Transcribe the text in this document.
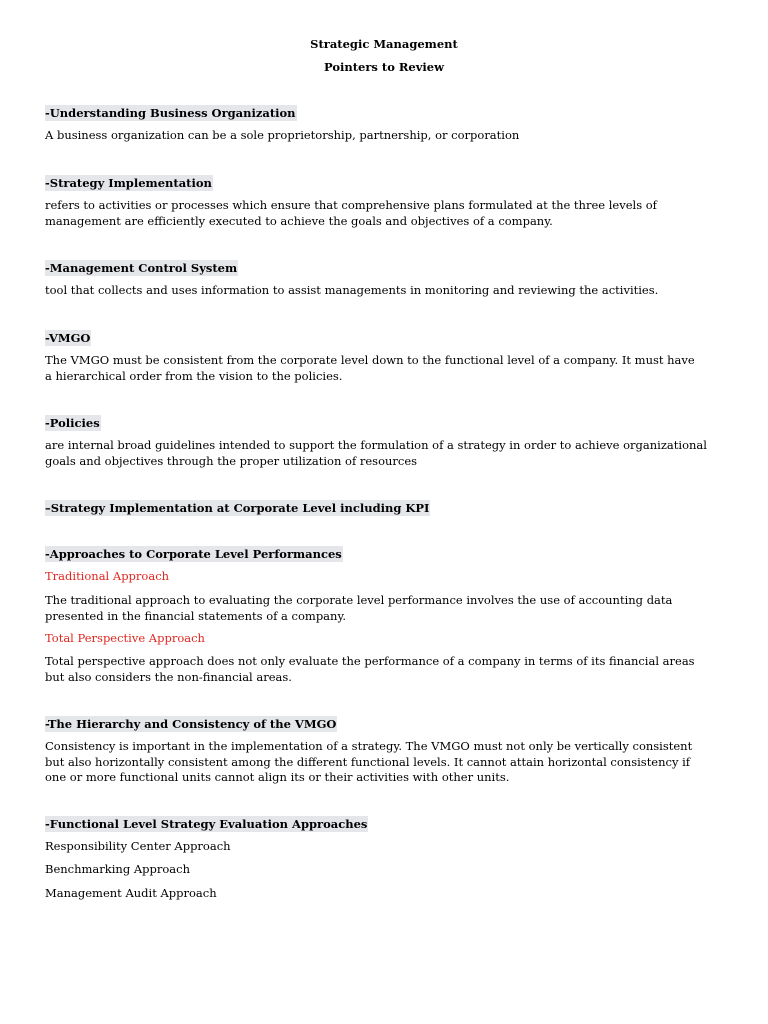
Strategic Management
Pointers to Review
-Understanding Business Organization
A business organization can be a sole proprietorship, partnership, or corporation
-Strategy Implementation
refers to activities or processes which ensure that comprehensive plans formulated at the three levels of
management are efficiently executed to achieve the goals and objectives of a company.
-Management Control System
tool that collects and uses information to assist managements in monitoring and reviewing the activities.
-VMGO
The VMGO must be consistent from the corporate level down to the functional level of a company. It must have
a hierarchical order from the vision to the policies.
-Policies
are internal broad guidelines intended to support the formulation of a strategy in order to achieve organizational
goals and objectives through the proper utilization of resources
–Strategy Implementation at Corporate Level including KPI
-Approaches to Corporate Level Performances
Traditional Approach
The traditional approach to evaluating the corporate level performance involves the use of accounting data
presented in the financial statements of a company.
Total Perspective Approach
Total perspective approach does not only evaluate the performance of a company in terms of its financial areas
but also considers the non-financial areas.
-The Hierarchy and Consistency of the VMGO
Consistency is important in the implementation of a strategy. The VMGO must not only be vertically consistent
but also horizontally consistent among the different functional levels. It cannot attain horizontal consistency if
one or more functional units cannot align its or their activities with other units.
-Functional Level Strategy Evaluation Approaches
Responsibility Center Approach
Benchmarking Approach
Management Audit Approach
